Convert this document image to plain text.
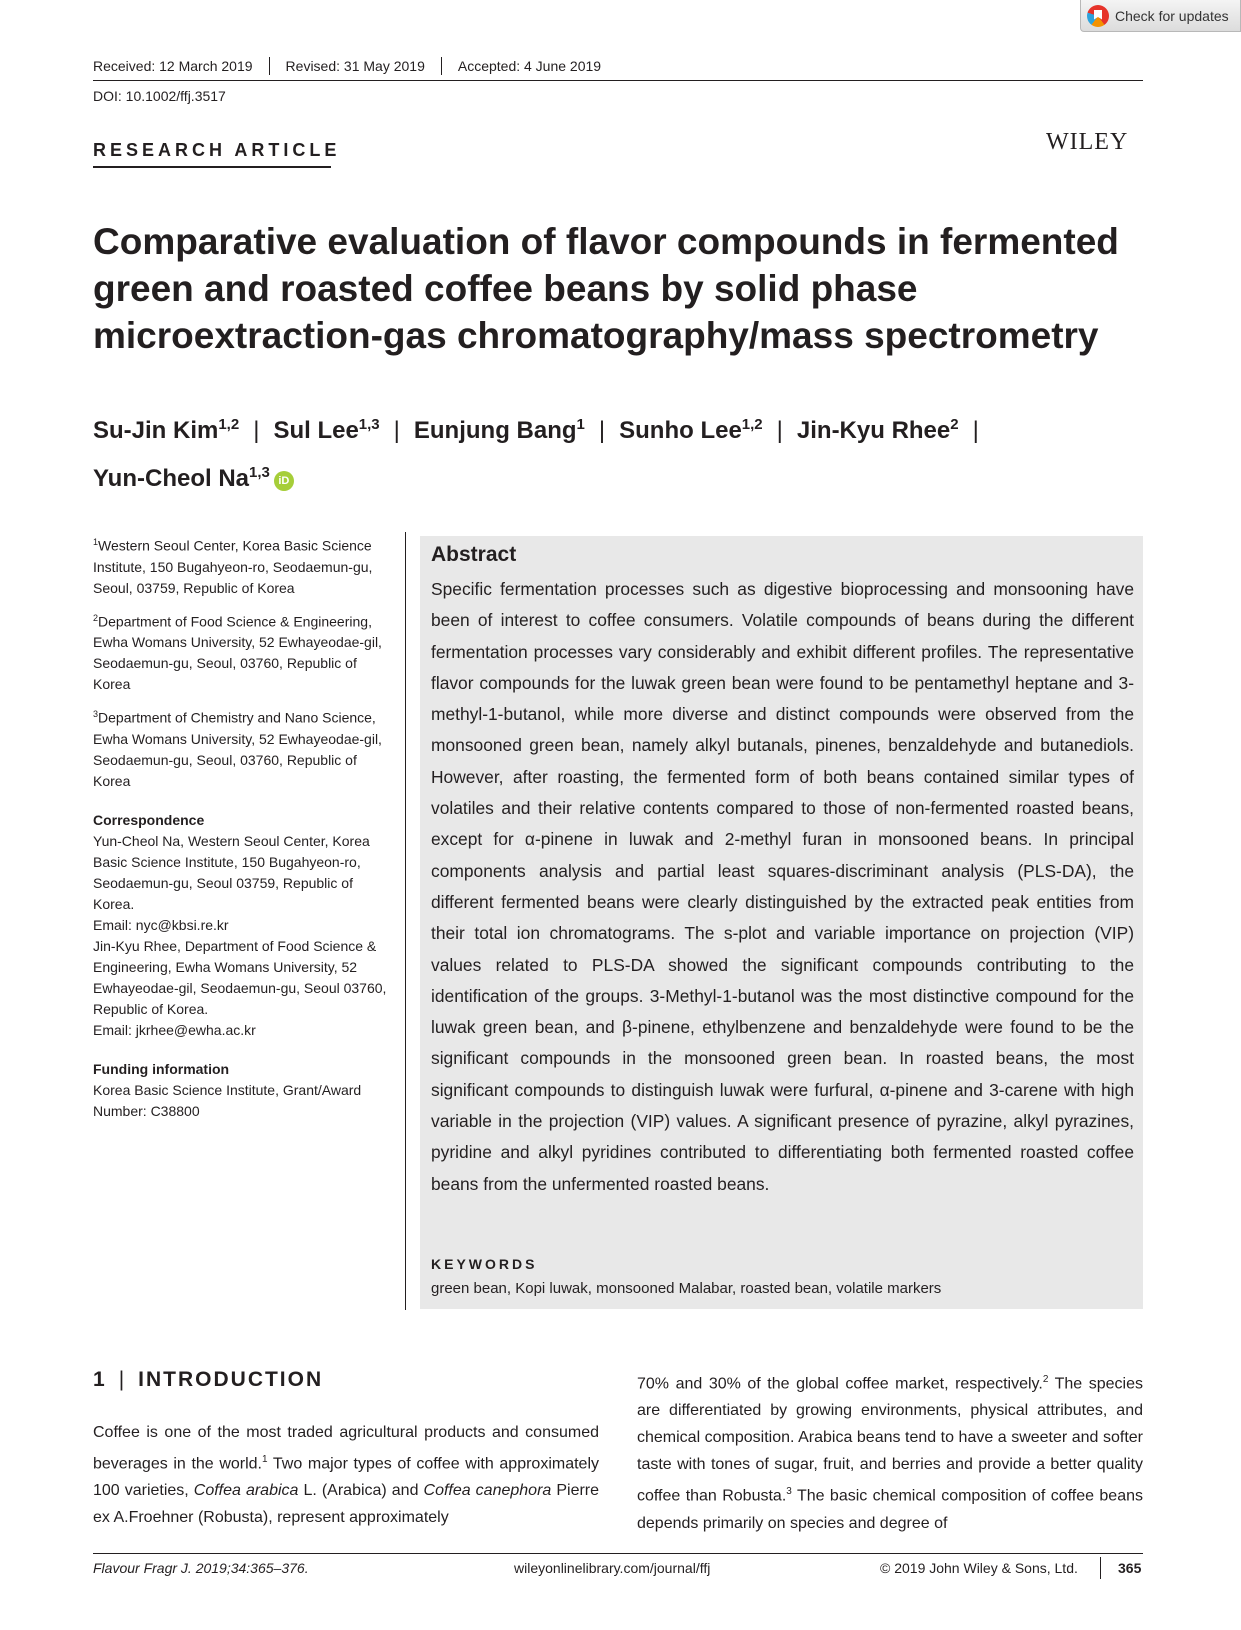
Check for updates
Received: 12 March 2019	Revised: 31 May 2019	Accepted: 4 June 2019
DOI: 10.1002/ffj.3517
RESEARCH ARTICLE	WILEY
Comparative evaluation of flavor compounds in fermented green and roasted coffee beans by solid phase microextraction-gas chromatography/mass spectrometry
Su-Jin Kim$^{1,2}$ | Sul Lee$^{1,3}$ | Eunjung Bang$^1$ | Sunho Lee$^{1,2}$ | Jin-Kyu Rhee$^2$ |
Yun-Cheol Na$^{1,3}$ iD

$^1$Western Seoul Center, Korea Basic Science Institute, 150 Bugahyeon-ro, Seodaemun-gu, Seoul, 03759, Republic of Korea

$^2$Department of Food Science & Engineering, Ewha Womans University, 52 Ewhayeodae-gil, Seodaemun-gu, Seoul, 03760, Republic of Korea

$^3$Department of Chemistry and Nano Science, Ewha Womans University, 52 Ewhayeodae-gil, Seodaemun-gu, Seoul, 03760, Republic of Korea

Correspondence
Yun-Cheol Na, Western Seoul Center, Korea Basic Science Institute, 150 Bugahyeon-ro, Seodaemun-gu, Seoul 03759, Republic of Korea.
Email: nyc@kbsi.re.kr
Jin-Kyu Rhee, Department of Food Science & Engineering, Ewha Womans University, 52 Ewhayeodae-gil, Seodaemun-gu, Seoul 03760, Republic of Korea.
Email: jkrhee@ewha.ac.kr
Funding information
Korea Basic Science Institute, Grant/Award Number: C38800
Abstract
Specific fermentation processes such as digestive bioprocessing and monsooning have been of interest to coffee consumers. Volatile compounds of beans during the different fermentation processes vary considerably and exhibit different profiles. The representative flavor compounds for the luwak green bean were found to be pentamethyl heptane and 3-methyl-1-butanol, while more diverse and distinct compounds were observed from the monsooned green bean, namely alkyl butanals, pinenes, benzaldehyde and butanediols. However, after roasting, the fermented form of both beans contained similar types of volatiles and their relative contents compared to those of non-fermented roasted beans, except for α-pinene in luwak and 2-methyl furan in monsooned beans. In principal components analysis and partial least squares-discriminant analysis (PLS-DA), the different fermented beans were clearly distinguished by the extracted peak entities from their total ion chromatograms. The s-plot and variable importance on projection (VIP) values related to PLS-DA showed the significant compounds contributing to the identification of the groups. 3-Methyl-1-butanol was the most distinctive compound for the luwak green bean, and β-pinene, ethylbenzene and benzaldehyde were found to be the significant compounds in the monsooned green bean. In roasted beans, the most significant compounds to distinguish luwak were furfural, α-pinene and 3-carene with high variable in the projection (VIP) values. A significant presence of pyrazine, alkyl pyrazines, pyridine and alkyl pyridines contributed to differentiating both fermented roasted coffee beans from the unfermented roasted beans.
KEYWORDS
green bean, Kopi luwak, monsooned Malabar, roasted bean, volatile markers
1 | INTRODUCTION
Coffee is one of the most traded agricultural products and consumed beverages in the world.$^1$ Two major types of coffee with approximately 100 varieties, Coffea arabica L. (Arabica) and Coffea canephora Pierre ex A.Froehner (Robusta), represent approximately
70% and 30% of the global coffee market, respectively.$^2$ The species are differentiated by growing environments, physical attributes, and chemical composition. Arabica beans tend to have a sweeter and softer taste with tones of sugar, fruit, and berries and provide a better quality coffee than Robusta.$^3$ The basic chemical composition of coffee beans depends primarily on species and degree of
Flavour Fragr J. 2019;34:365–376.	wileyonlinelibrary.com/journal/ffj	© 2019 John Wiley & Sons, Ltd.	365
